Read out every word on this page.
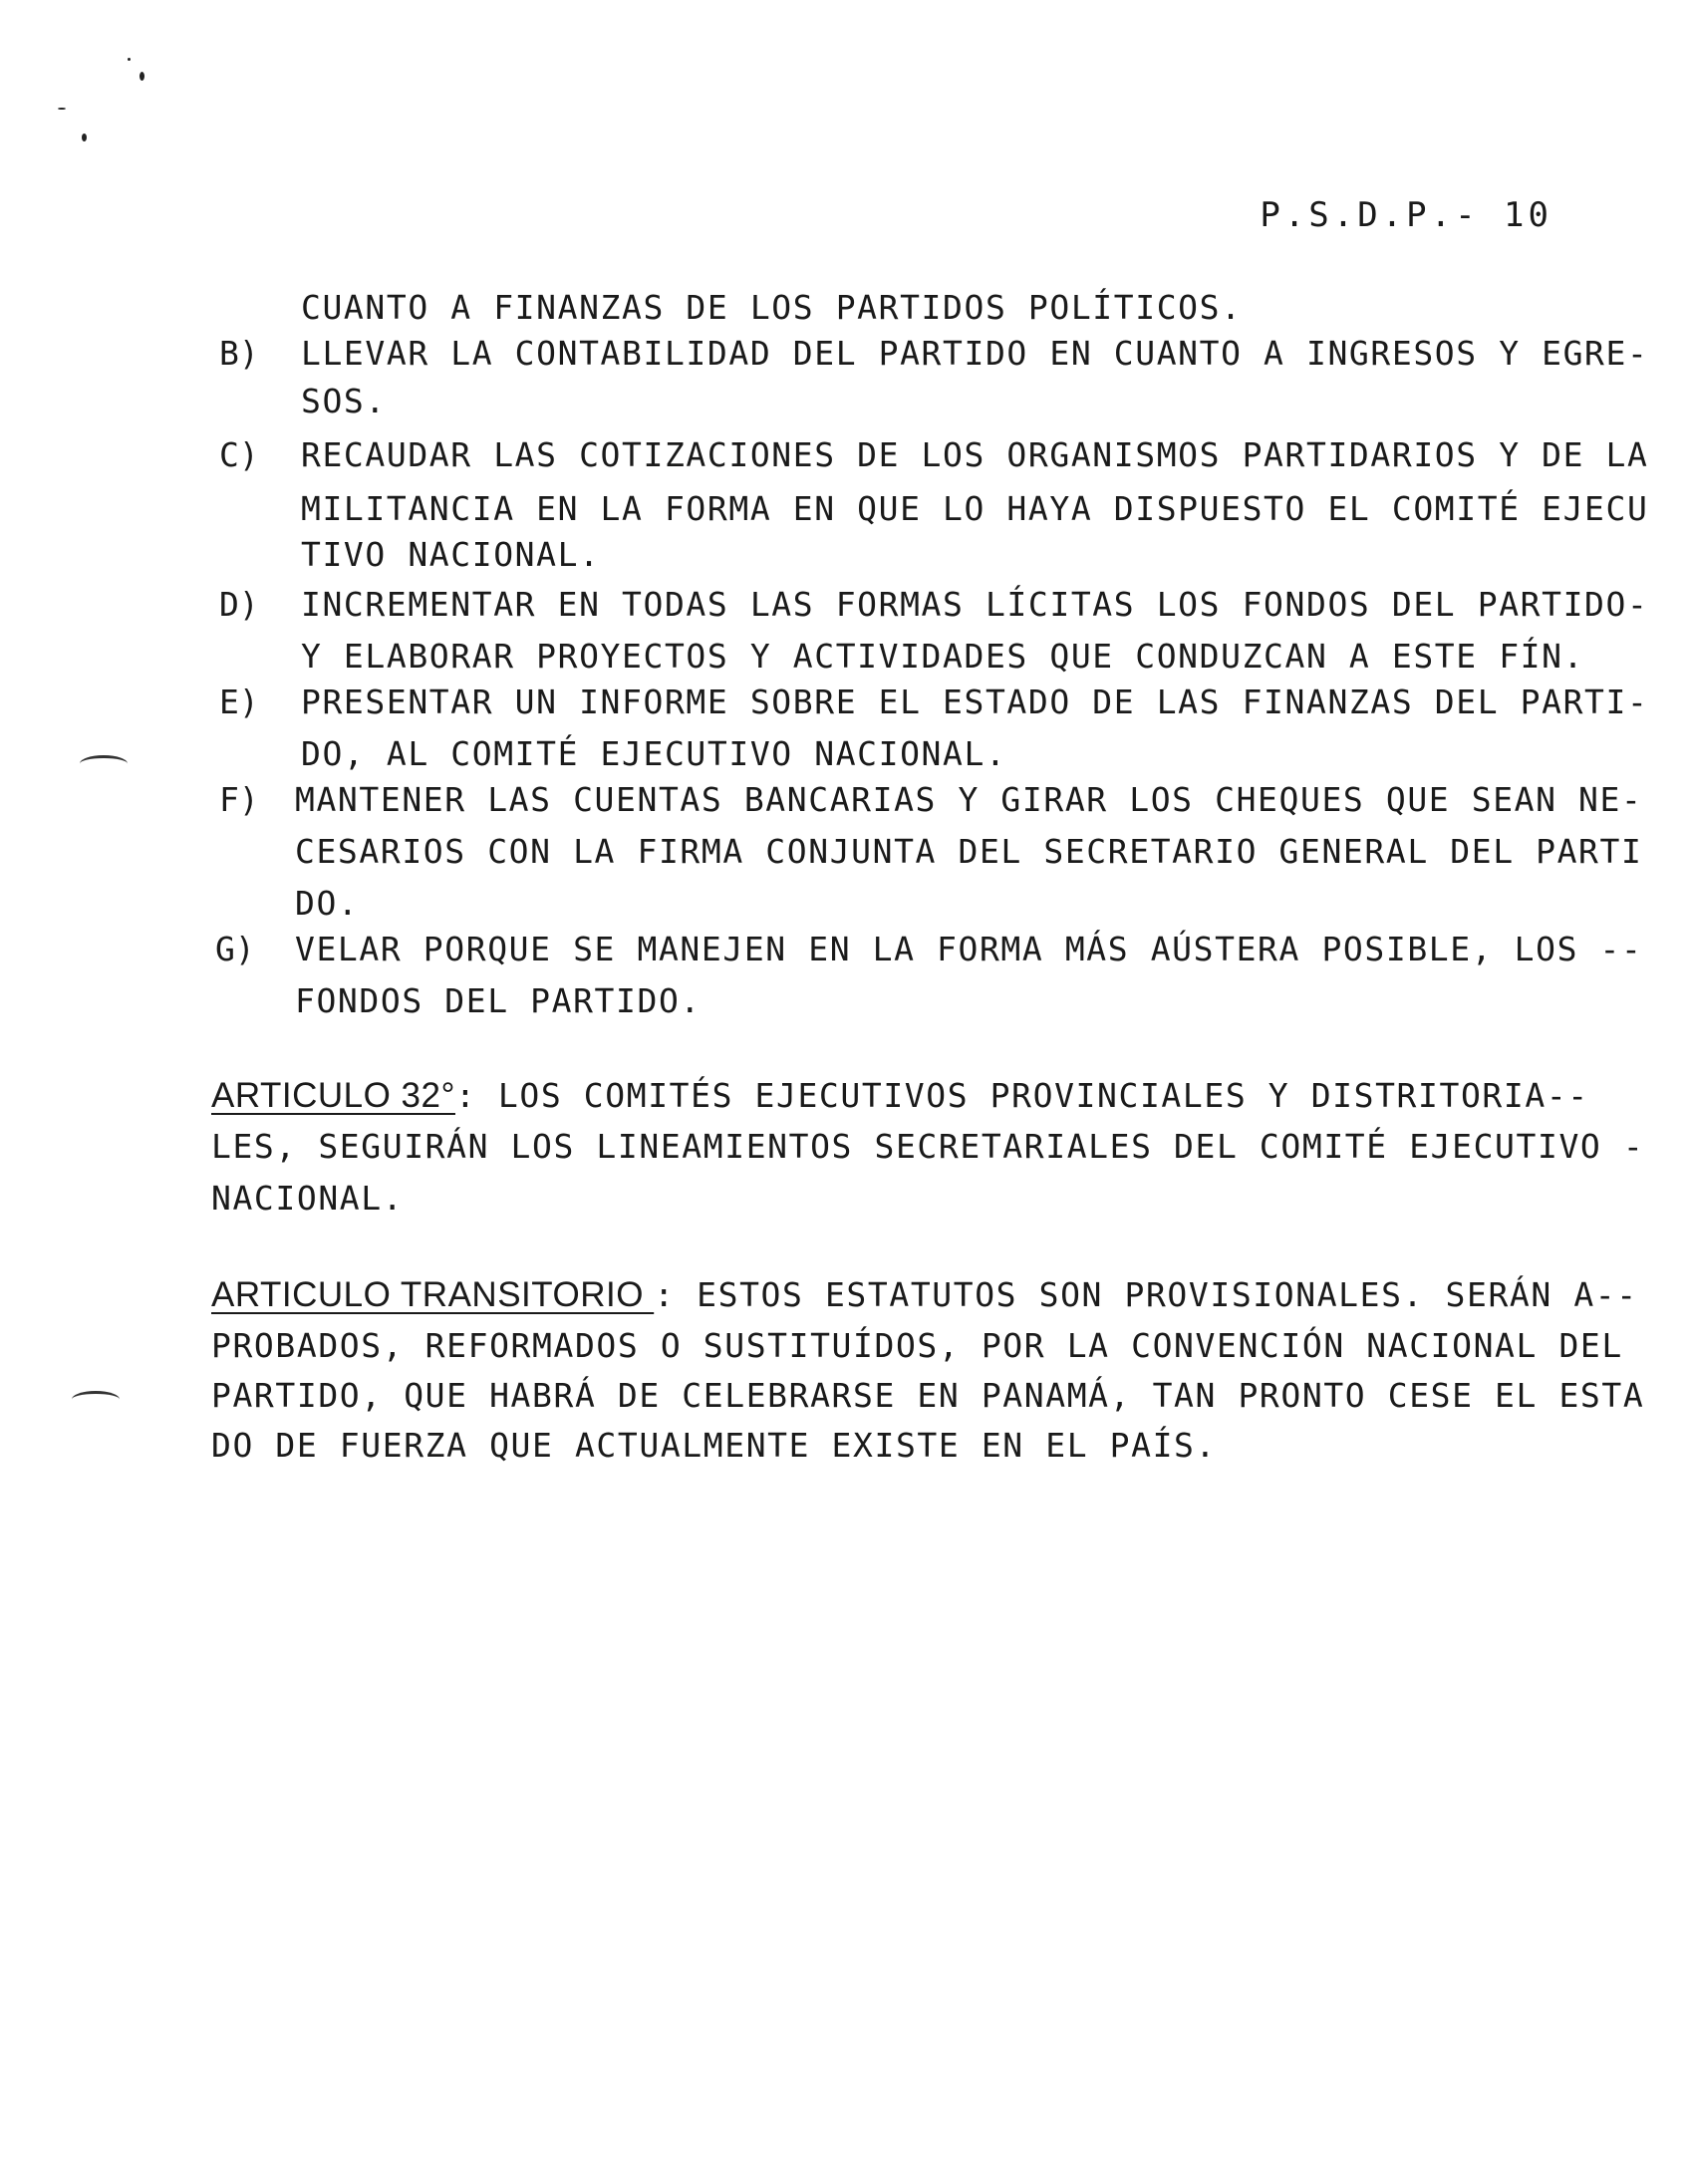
P.S.D.P.- 10
CUANTO A FINANZAS DE LOS PARTIDOS POLÍTICOS.
B) LLEVAR LA CONTABILIDAD DEL PARTIDO EN CUANTO A INGRESOS Y EGRE-
SOS.
C) RECAUDAR LAS COTIZACIONES DE LOS ORGANISMOS PARTIDARIOS Y DE LA
MILITANCIA EN LA FORMA EN QUE LO HAYA DISPUESTO EL COMITÉ EJECU
TIVO NACIONAL.
D) INCREMENTAR EN TODAS LAS FORMAS LÍCITAS LOS FONDOS DEL PARTIDO-
Y ELABORAR PROYECTOS Y ACTIVIDADES QUE CONDUZCAN A ESTE FÍN.
E) PRESENTAR UN INFORME SOBRE EL ESTADO DE LAS FINANZAS DEL PARTI-
DO, AL COMITÉ EJECUTIVO NACIONAL.
F) MANTENER LAS CUENTAS BANCARIAS Y GIRAR LOS CHEQUES QUE SEAN NE-
CESARIOS CON LA FIRMA CONJUNTA DEL SECRETARIO GENERAL DEL PARTI
DO.
G) VELAR PORQUE SE MANEJEN EN LA FORMA MÁS AÚSTERA POSIBLE, LOS --
FONDOS DEL PARTIDO.
ARTICULO 32°: LOS COMITÉS EJECUTIVOS PROVINCIALES Y DISTRITORIA--
LES, SEGUIRÁN LOS LINEAMIENTOS SECRETARIALES DEL COMITÉ EJECUTIVO -
NACIONAL.
ARTICULO TRANSITORIO : ESTOS ESTATUTOS SON PROVISIONALES. SERÁN A--
PROBADOS, REFORMADOS O SUSTITUÍDOS, POR LA CONVENCIÓN NACIONAL DEL
PARTIDO, QUE HABRÁ DE CELEBRARSE EN PANAMÁ, TAN PRONTO CESE EL ESTA
DO DE FUERZA QUE ACTUALMENTE EXISTE EN EL PAÍS.
